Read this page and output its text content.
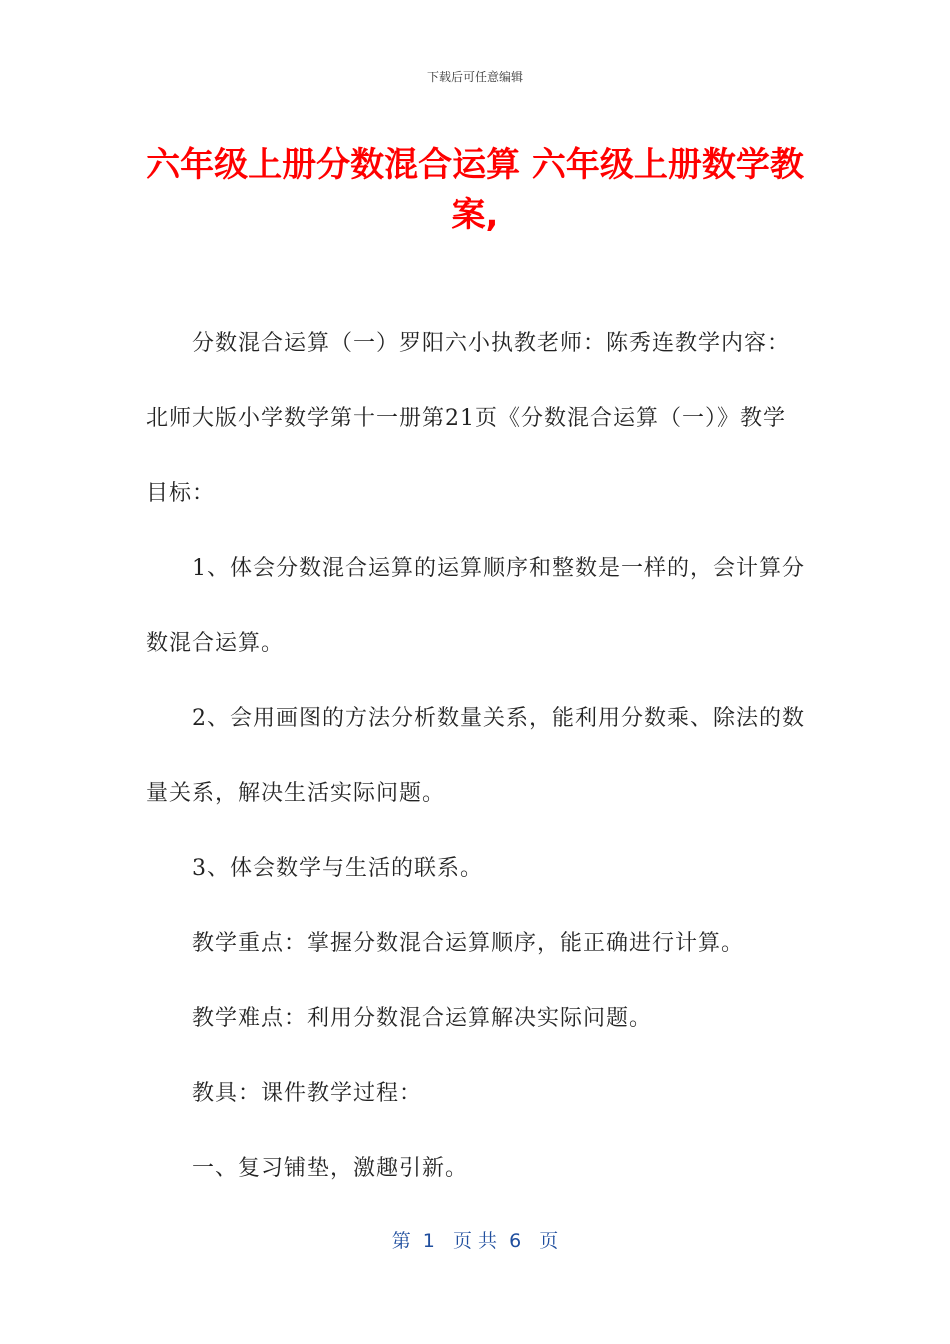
下载后可任意编辑
六年级上册分数混合运算 六年级上册数学教案,

分数混合运算（一）罗阳六小执教老师：陈秀连教学内容：北师大版小学数学第十一册第21页《分数混合运算（一）》教学目标：

1、体会分数混合运算的运算顺序和整数是一样的，会计算分数混合运算。

2、会用画图的方法分析数量关系，能利用分数乘、除法的数量关系，解决生活实际问题。

3、体会数学与生活的联系。

教学重点：掌握分数混合运算顺序，能正确进行计算。

教学难点：利用分数混合运算解决实际问题。

教具：课件教学过程：

一、复习铺垫，激趣引新。

第  1   页 共  6   页
